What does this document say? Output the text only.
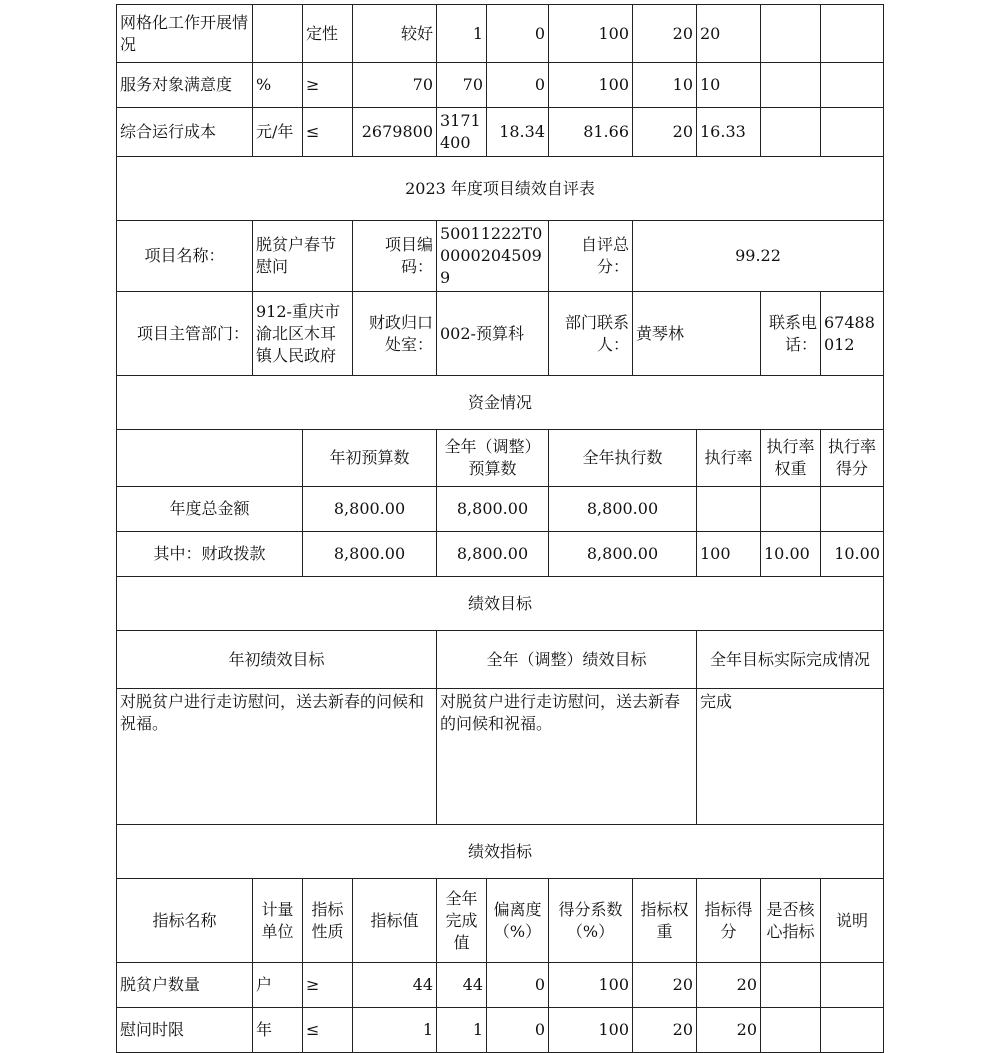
网格化工作开展情况		定性	较好	1	0	100	20	20		
服务对象满意度	%	≥	70	70	0	100	10	10		
综合运行成本	元/年	≤	2679800	3171400	18.34	81.66	20	16.33		
2023 年度项目绩效自评表										
项目名称：	脱贫户春节慰问		项目编码：	50011222T000002045099		自评总分：	99.22			
项目主管部门：	912-重庆市渝北区木耳镇人民政府		财政归口处室：	002-预算科		部门联系人：	黄琴林		联系电话：	67488012
资金情况										
		年初预算数		全年（调整）预算数		全年执行数		执行率	执行率权重	执行率得分
年度总金额		8,800.00		8,800.00		8,800.00				
其中：财政拨款		8,800.00		8,800.00		8,800.00		100	10.00	10.00
绩效目标										
年初绩效目标				全年（调整）绩效目标				全年目标实际完成情况		
对脱贫户进行走访慰问，送去新春的问候和祝福。				对脱贫户进行走访慰问，送去新春的问候和祝福。				完成		
绩效指标										
指标名称	计量单位	指标性质	指标值	全年完成值	偏离度（%）	得分系数（%）	指标权重	指标得分	是否核心指标	说明
脱贫户数量	户	≥	44	44	0	100	20	20		
慰问时限	年	≤	1	1	0	100	20	20		
